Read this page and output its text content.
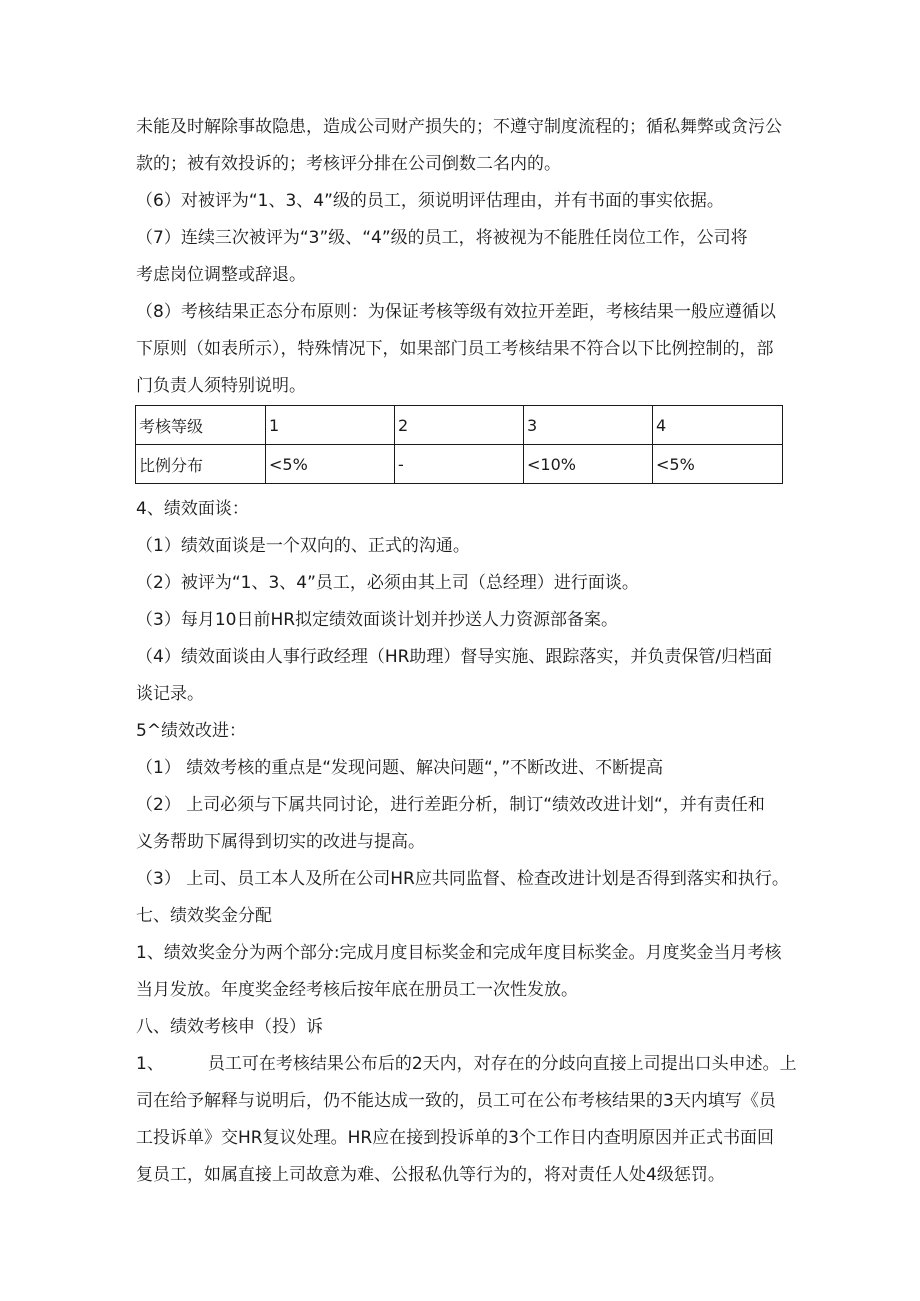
未能及时解除事故隐患，造成公司财产损失的；不遵守制度流程的；循私舞弊或贪污公
款的；被有效投诉的；考核评分排在公司倒数二名内的。
（6）对被评为“1、3、4”级的员工，须说明评估理由，并有书面的事实依据。
（7）连续三次被评为“3”级、“4”级的员工，将被视为不能胜任岗位工作，公司将
考虑岗位调整或辞退。
（8）考核结果正态分布原则：为保证考核等级有效拉开差距，考核结果一般应遵循以
下原则（如表所示），特殊情况下，如果部门员工考核结果不符合以下比例控制的，部
门负责人须特别说明。
考核等级	1	2	3	4
比例分布	<5%	-	<10%	<5%
4、绩效面谈：
（1）绩效面谈是一个双向的、正式的沟通。
（2）被评为“1、3、4”员工，必须由其上司（总经理）进行面谈。
（3）每月10日前HR拟定绩效面谈计划并抄送人力资源部备案。
（4）绩效面谈由人事行政经理（HR助理）督导实施、跟踪落实，并负责保管/归档面
谈记录。
5^绩效改进：
（1） 绩效考核的重点是“发现问题、解决问题“，”不断改进、不断提高
（2） 上司必须与下属共同讨论，进行差距分析，制订“绩效改进计划“，并有责任和
义务帮助下属得到切实的改进与提高。
（3） 上司、员工本人及所在公司HR应共同监督、检查改进计划是否得到落实和执行。
七、绩效奖金分配
1、绩效奖金分为两个部分:完成月度目标奖金和完成年度目标奖金。月度奖金当月考核
当月发放。年度奖金经考核后按年底在册员工一次性发放。
八、绩效考核申（投）诉
1、	员工可在考核结果公布后的2天内，对存在的分歧向直接上司提出口头申述。上
司在给予解释与说明后，仍不能达成一致的，员工可在公布考核结果的3天内填写《员
工投诉单》交HR复议处理。HR应在接到投诉单的3个工作日内查明原因并正式书面回
复员工，如属直接上司故意为难、公报私仇等行为的，将对责任人处4级惩罚。
